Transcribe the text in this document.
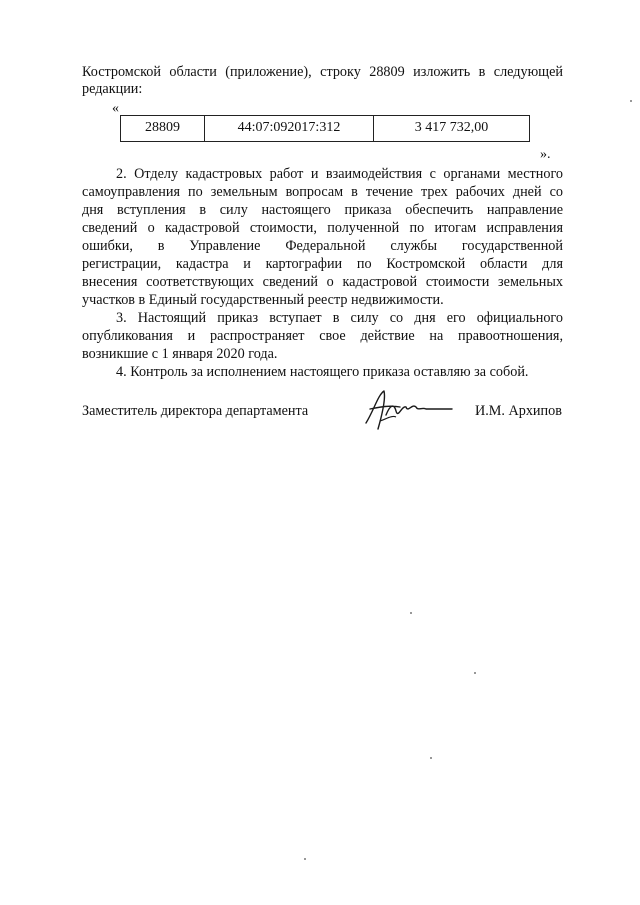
Костромской области (приложение), строку 28809 изложить в следующей
редакции:
«
28809	44:07:092017:312	3 417 732,00
».
2. Отделу кадастровых работ и взаимодействия с органами местного
самоуправления по земельным вопросам в течение трех рабочих дней со
дня вступления в силу настоящего приказа обеспечить направление
сведений о кадастровой стоимости, полученной по итогам исправления
ошибки, в Управление Федеральной службы государственной
регистрации, кадастра и картографии по Костромской области для
внесения соответствующих сведений о кадастровой стоимости земельных
участков в Единый государственный реестр недвижимости.
3. Настоящий приказ вступает в силу со дня его официального
опубликования и распространяет свое действие на правоотношения,
возникшие с 1 января 2020 года.
4. Контроль за исполнением настоящего приказа оставляю за собой.
Заместитель директора департамента	И.М. Архипов
